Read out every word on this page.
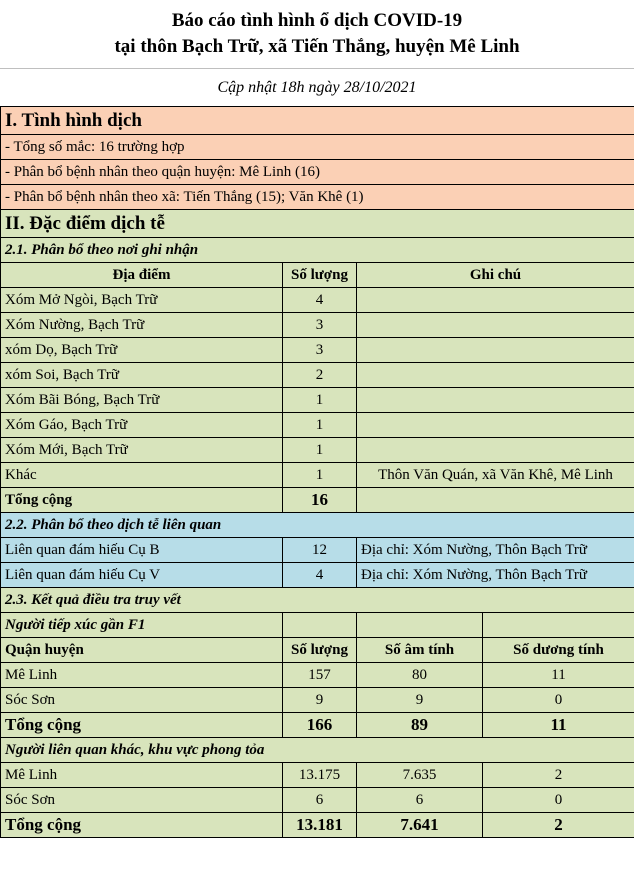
Báo cáo tình hình ổ dịch COVID-19
tại thôn Bạch Trữ, xã Tiến Thắng, huyện Mê Linh
Cập nhật 18h ngày 28/10/2021
I. Tình hình dịch			
- Tổng số mắc: 16 trường hợp			
- Phân bổ bệnh nhân theo quận huyện: Mê Linh (16)			
- Phân bổ bệnh nhân theo xã: Tiến Thắng (15); Văn Khê (1)			
II. Đặc điểm dịch tễ			
2.1. Phân bổ theo nơi ghi nhận			
Địa điểm	Số lượng	Ghi chú	
Xóm Mở Ngòi, Bạch Trữ	4		
Xóm Nường, Bạch Trữ	3		
xóm Dọ, Bạch Trữ	3		
xóm Soi, Bạch Trữ	2		
Xóm Bãi Bóng, Bạch Trữ	1		
Xóm Gáo, Bạch Trữ	1		
Xóm Mới, Bạch Trữ	1		
Khác	1	Thôn Văn Quán, xã Văn Khê, Mê Linh	
Tổng cộng	16		
2.2. Phân bổ theo dịch tễ liên quan			
Liên quan đám hiếu Cụ B	12	Địa chỉ: Xóm Nường, Thôn Bạch Trữ	
Liên quan đám hiếu Cụ V	4	Địa chỉ: Xóm Nường, Thôn Bạch Trữ	
2.3. Kết quả điều tra truy vết			
Người tiếp xúc gần F1			
Quận huyện	Số lượng	Số âm tính	Số dương tính
Mê Linh	157	80	11
Sóc Sơn	9	9	0
Tổng cộng	166	89	11
Người liên quan khác, khu vực phong tỏa			
Mê Linh	13.175	7.635	2
Sóc Sơn	6	6	0
Tổng cộng	13.181	7.641	2
